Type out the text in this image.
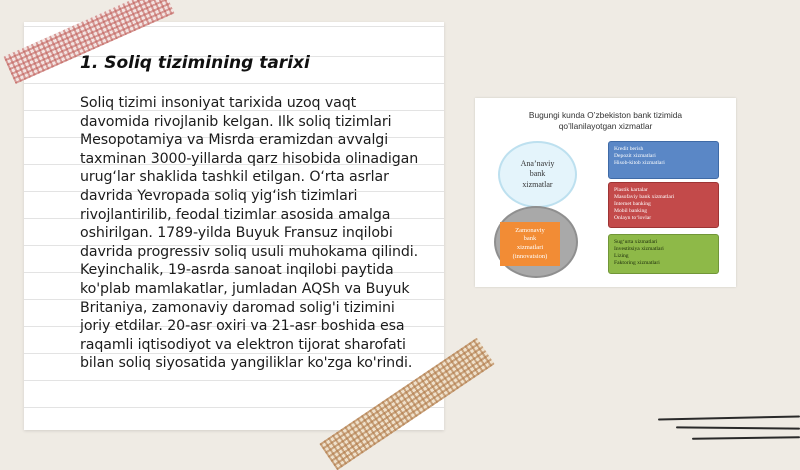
1. Soliq tizimining tarixi

Soliq tizimi insoniyat tarixida uzoq vaqt davomida rivojlanib kelgan. Ilk soliq tizimlari Mesopotamiya va Misrda eramizdan avvalgi taxminan 3000-yillarda qarz hisobida olinadigan urug‘lar shaklida tashkil etilgan. O‘rta asrlar davrida Yevropada soliq yig‘ish tizimlari rivojlantirilib, feodal tizimlar asosida amalga oshirilgan. 1789-yilda Buyuk Fransuz inqilobi davrida progressiv soliq usuli muhokama qilindi. Keyinchalik, 19-asrda sanoat inqilobi paytida ko'plab mamlakatlar, jumladan AQSh va Buyuk Britaniya, zamonaviy daromad solig'i tizimini joriy etdilar. 20-asr oxiri va 21-asr boshida esa raqamli iqtisodiyot va elektron tijorat sharofati bilan soliq siyosatida yangiliklar ko'zga ko'rindi.

Bugungi kunda O’zbekiston bank tizimida
qo’llanilayotgan xizmatlar
Ana’naviy
bank
xizmatlar
Zamonaviy
bank
xizmatlari
(innovatsion)
Kredit berish
Depozit xizmatlari
Hisob-kitob xizmatlari
Plastik kartalar
Masofaviy bank xizmatlari
Internet banking
Mobil banking
Onlayn to‘lovlar
Sug‘urta xizmatlari
Investitsiya xizmatlari
Lizing
Faktoring xizmatlari
